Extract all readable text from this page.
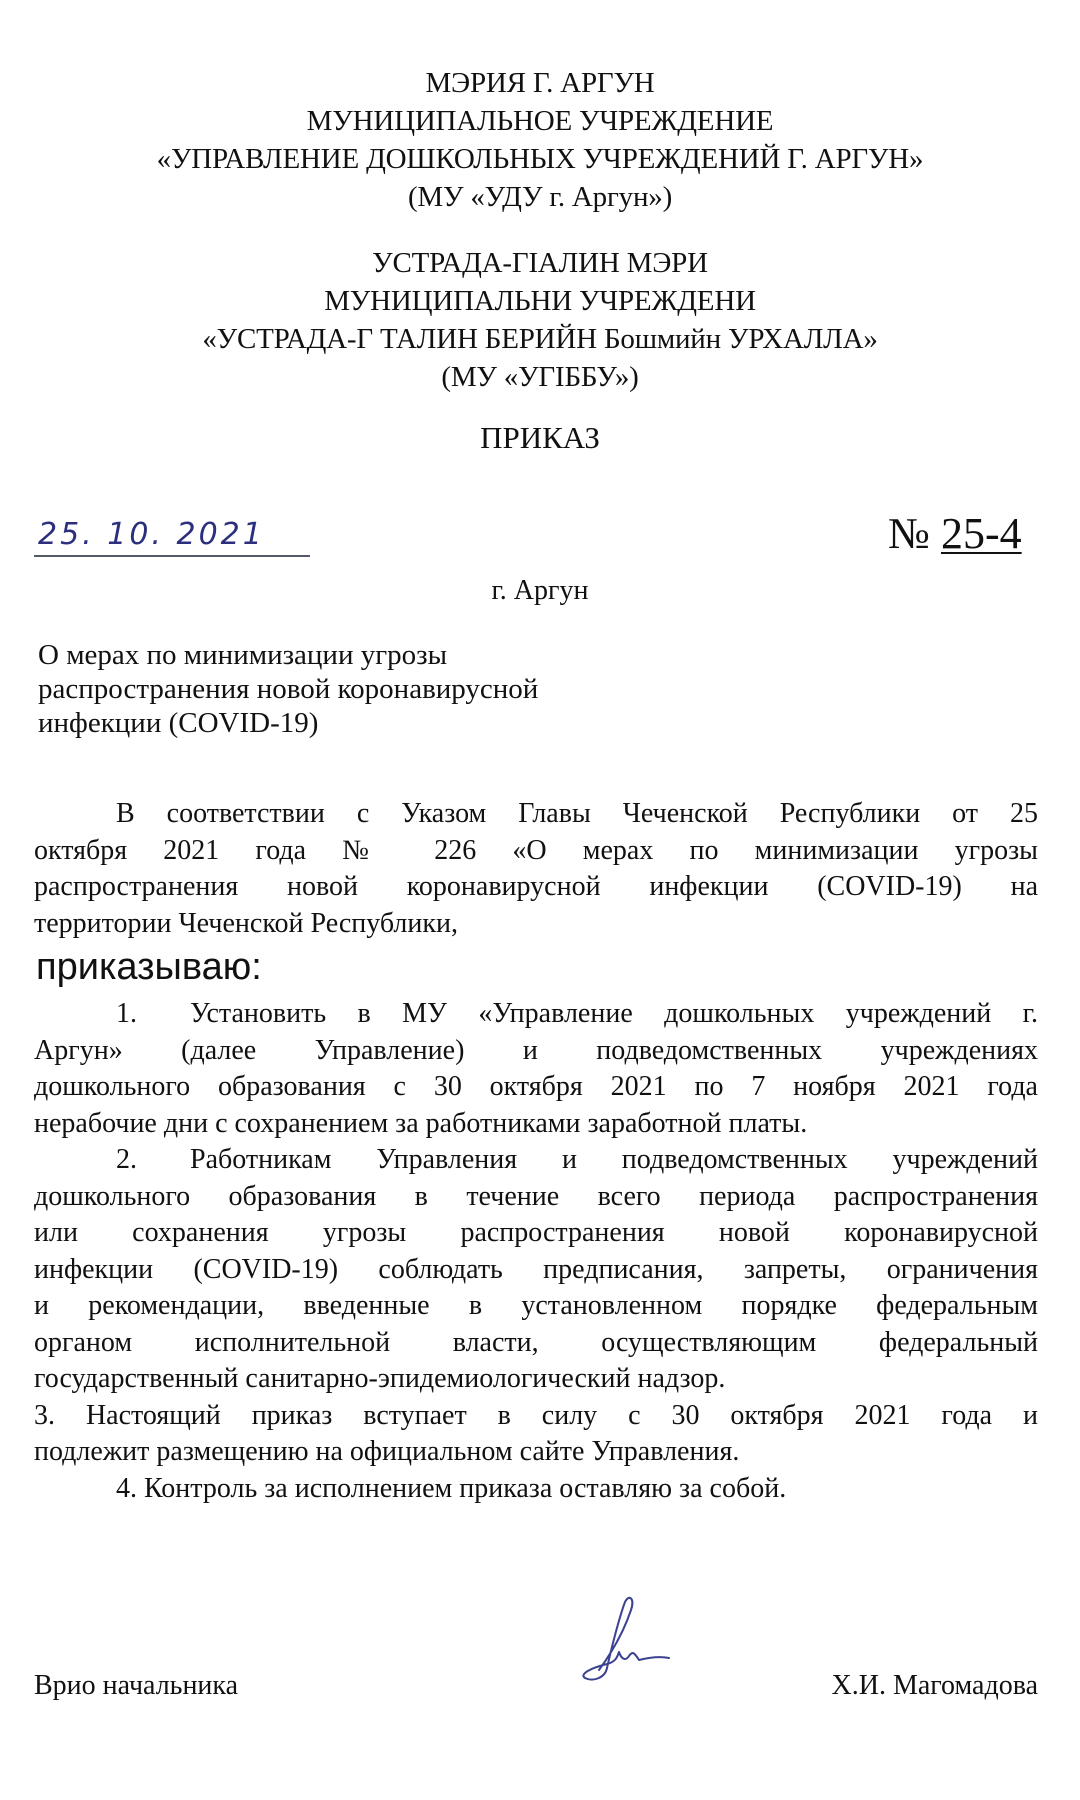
МЭРИЯ Г. АРГУН
МУНИЦИПАЛЬНОЕ УЧРЕЖДЕНИЕ
«УПРАВЛЕНИЕ ДОШКОЛЬНЫХ УЧРЕЖДЕНИЙ Г. АРГУН»
(МУ «УДУ г. Аргун»)
УСТРАДА-ГІАЛИН МЭРИ
МУНИЦИПАЛЬНИ УЧРЕЖДЕНИ
«УСТРАДА-Г ТАЛИН БЕРИЙН Бошмийн УРХАЛЛА»
(МУ «УГІББУ»)
ПРИКАЗ
25. 10. 2021	№ 25-4
г. Аргун
О мерах по минимизации угрозы
распространения новой коронавирусной
инфекции (COVID-19)
В соответствии с Указом Главы Чеченской Республики от 25
октября 2021 года № 226 «О мерах по минимизации угрозы
распространения новой коронавирусной инфекции (COVID-19) на
территории Чеченской Республики,
приказываю:
1. Установить в МУ «Управление дошкольных учреждений г.
Аргун» (далее Управление) и подведомственных учреждениях
дошкольного образования с 30 октября 2021 по 7 ноября 2021 года
нерабочие дни с сохранением за работниками заработной платы.
2. Работникам Управления и подведомственных учреждений
дошкольного образования в течение всего периода распространения
или сохранения угрозы распространения новой коронавирусной
инфекции (COVID-19) соблюдать предписания, запреты, ограничения
и рекомендации, введенные в установленном порядке федеральным
органом исполнительной власти, осуществляющим федеральный
государственный санитарно-эпидемиологический надзор.
3. Настоящий приказ вступает в силу с 30 октября 2021 года и
подлежит размещению на официальном сайте Управления.
4. Контроль за исполнением приказа оставляю за собой.
Врио начальника	Х.И. Магомадова
